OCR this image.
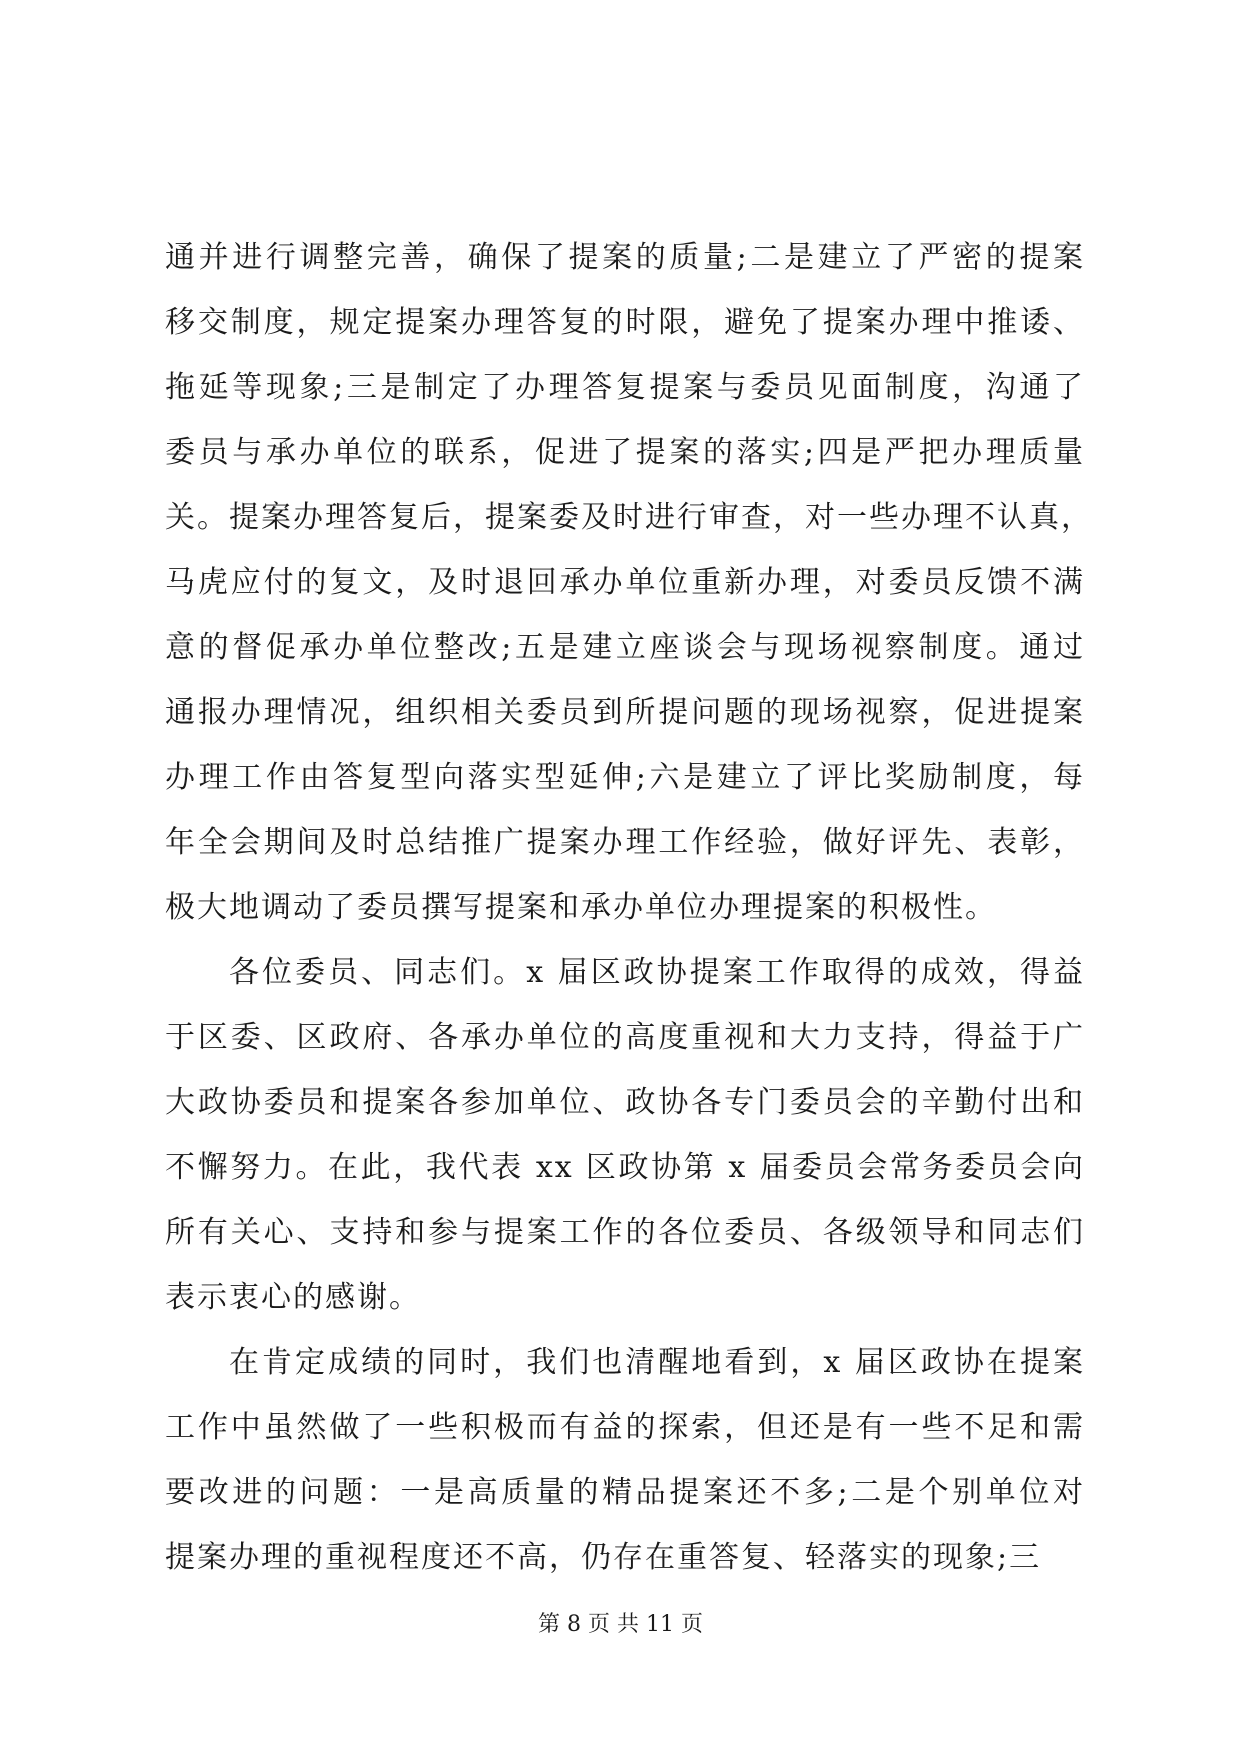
通并进行调整完善，确保了提案的质量;二是建立了严密的提案
移交制度，规定提案办理答复的时限，避免了提案办理中推诿、
拖延等现象;三是制定了办理答复提案与委员见面制度，沟通了
委员与承办单位的联系，促进了提案的落实;四是严把办理质量
关。提案办理答复后，提案委及时进行审查，对一些办理不认真，
马虎应付的复文，及时退回承办单位重新办理，对委员反馈不满
意的督促承办单位整改;五是建立座谈会与现场视察制度。通过
通报办理情况，组织相关委员到所提问题的现场视察，促进提案
办理工作由答复型向落实型延伸;六是建立了评比奖励制度，每
年全会期间及时总结推广提案办理工作经验，做好评先、表彰，
极大地调动了委员撰写提案和承办单位办理提案的积极性。
各位委员、同志们。x 届区政协提案工作取得的成效，得益
于区委、区政府、各承办单位的高度重视和大力支持，得益于广
大政协委员和提案各参加单位、政协各专门委员会的辛勤付出和
不懈努力。在此，我代表 xx 区政协第 x 届委员会常务委员会向
所有关心、支持和参与提案工作的各位委员、各级领导和同志们
表示衷心的感谢。
在肯定成绩的同时，我们也清醒地看到，x 届区政协在提案
工作中虽然做了一些积极而有益的探索，但还是有一些不足和需
要改进的问题：一是高质量的精品提案还不多;二是个别单位对
提案办理的重视程度还不高，仍存在重答复、轻落实的现象;三
第 8 页 共 11 页
